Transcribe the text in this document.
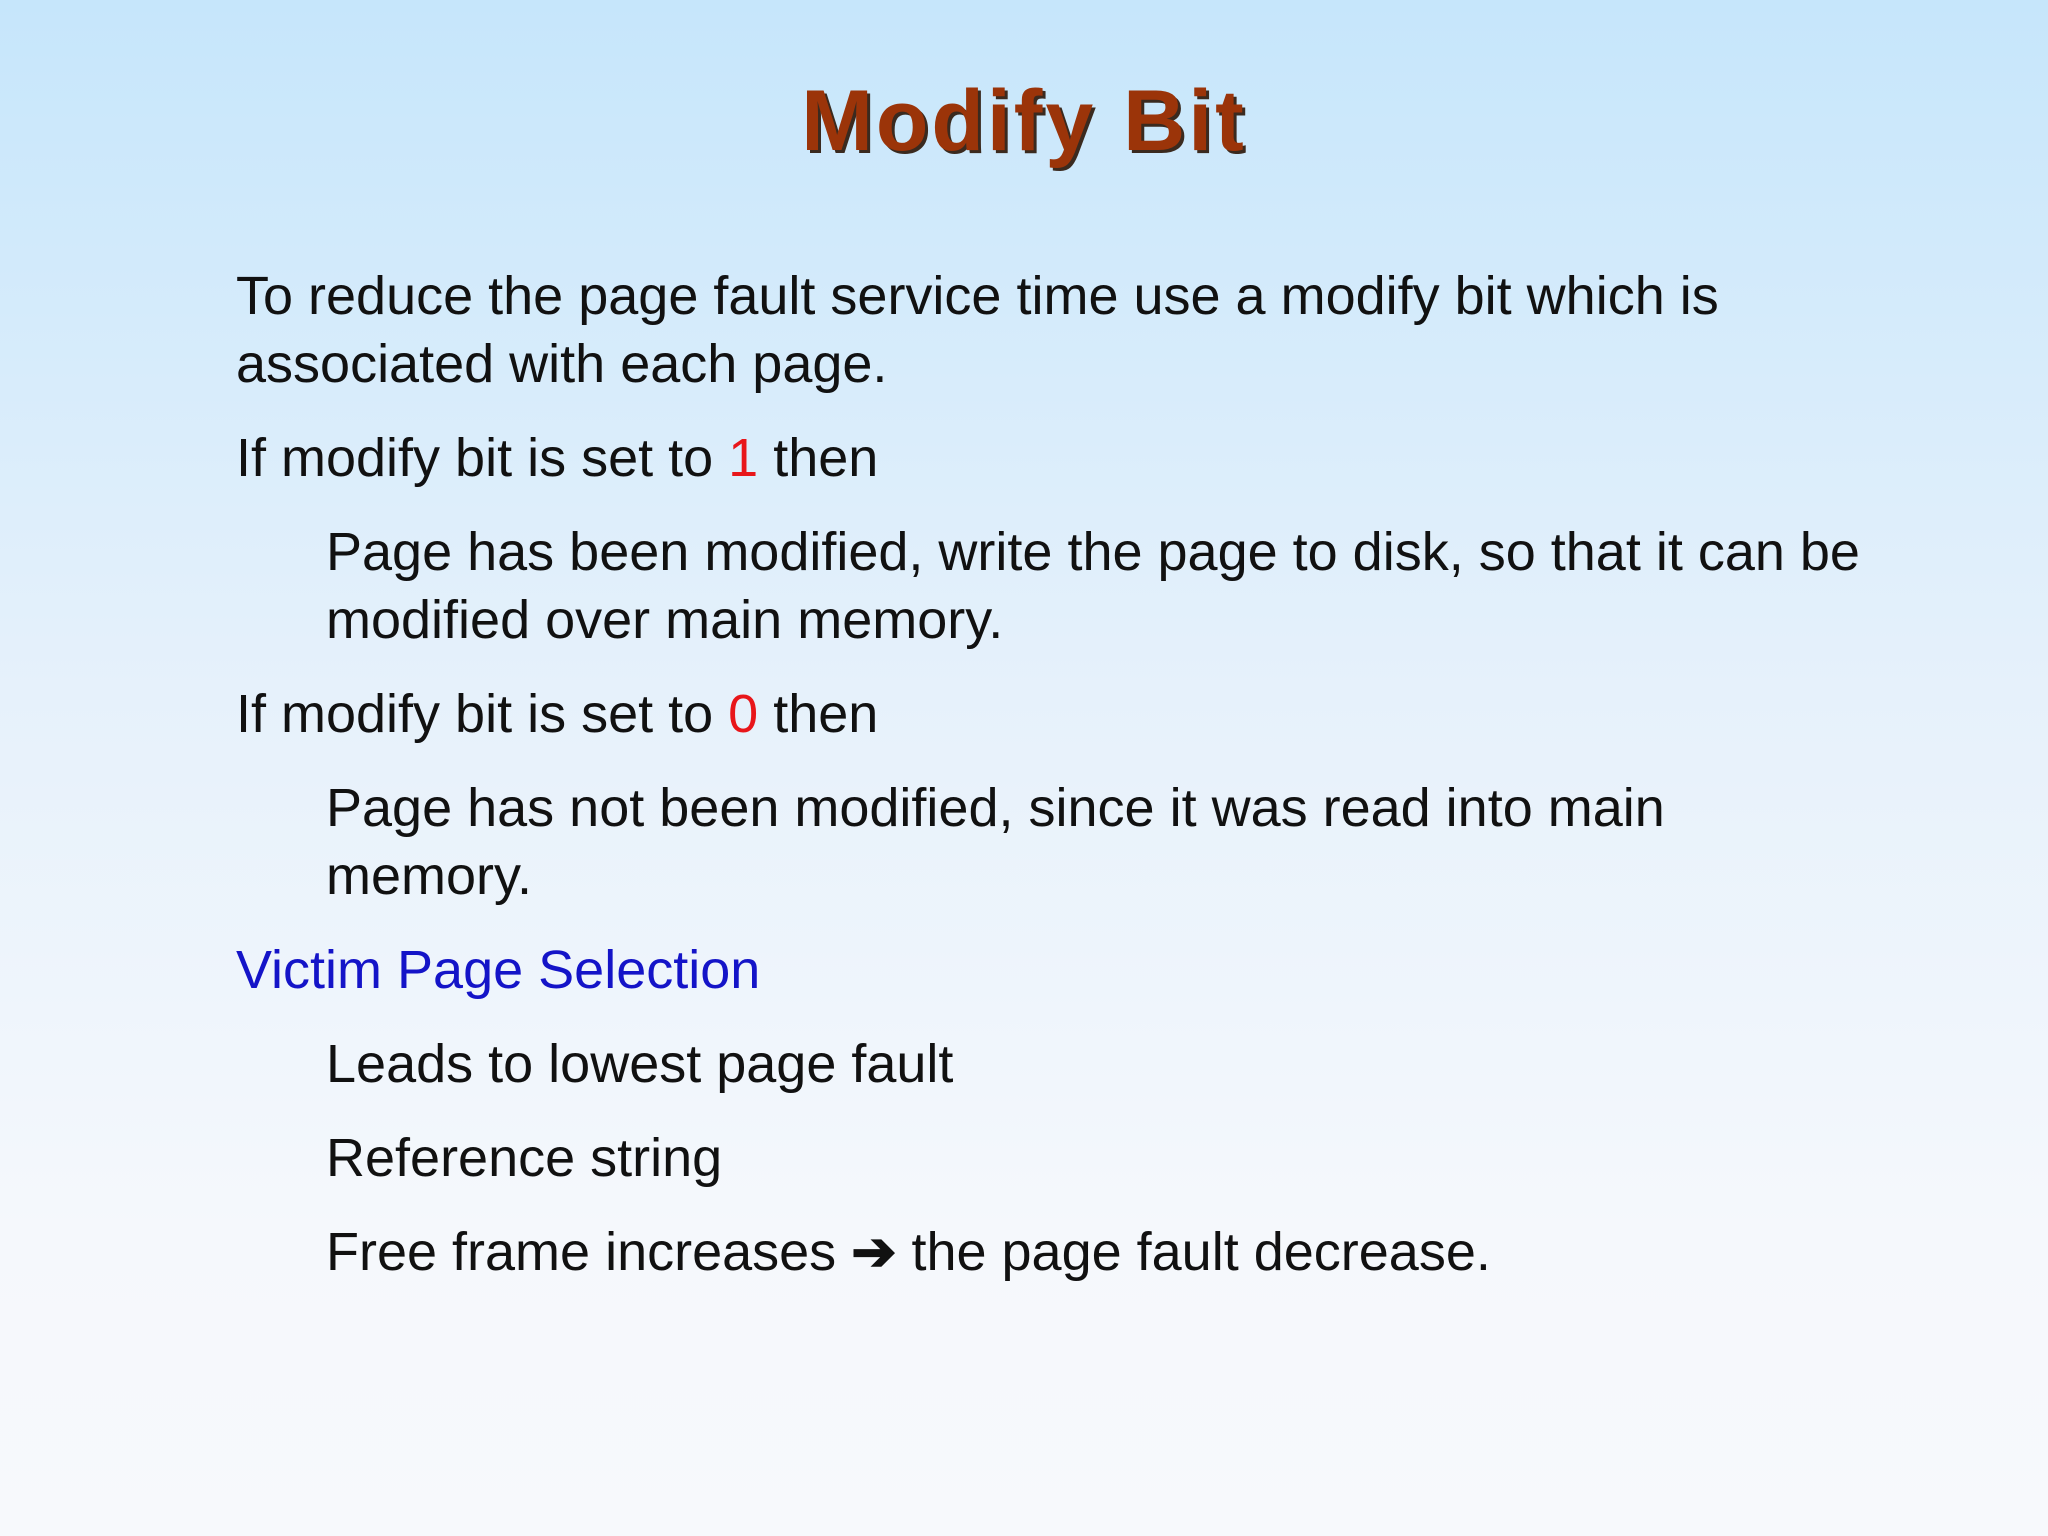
Modify Bit
To reduce the page fault service time use a modify bit which is associated with each page.
If modify bit is set to 1 then
Page has been modified, write the page to disk, so that it can be modified over main memory.
If modify bit is set to 0 then
Page has not been modified, since it was read into main memory.
Victim Page Selection
Leads to lowest page fault
Reference string
Free frame increases ➔ the page fault decrease.
